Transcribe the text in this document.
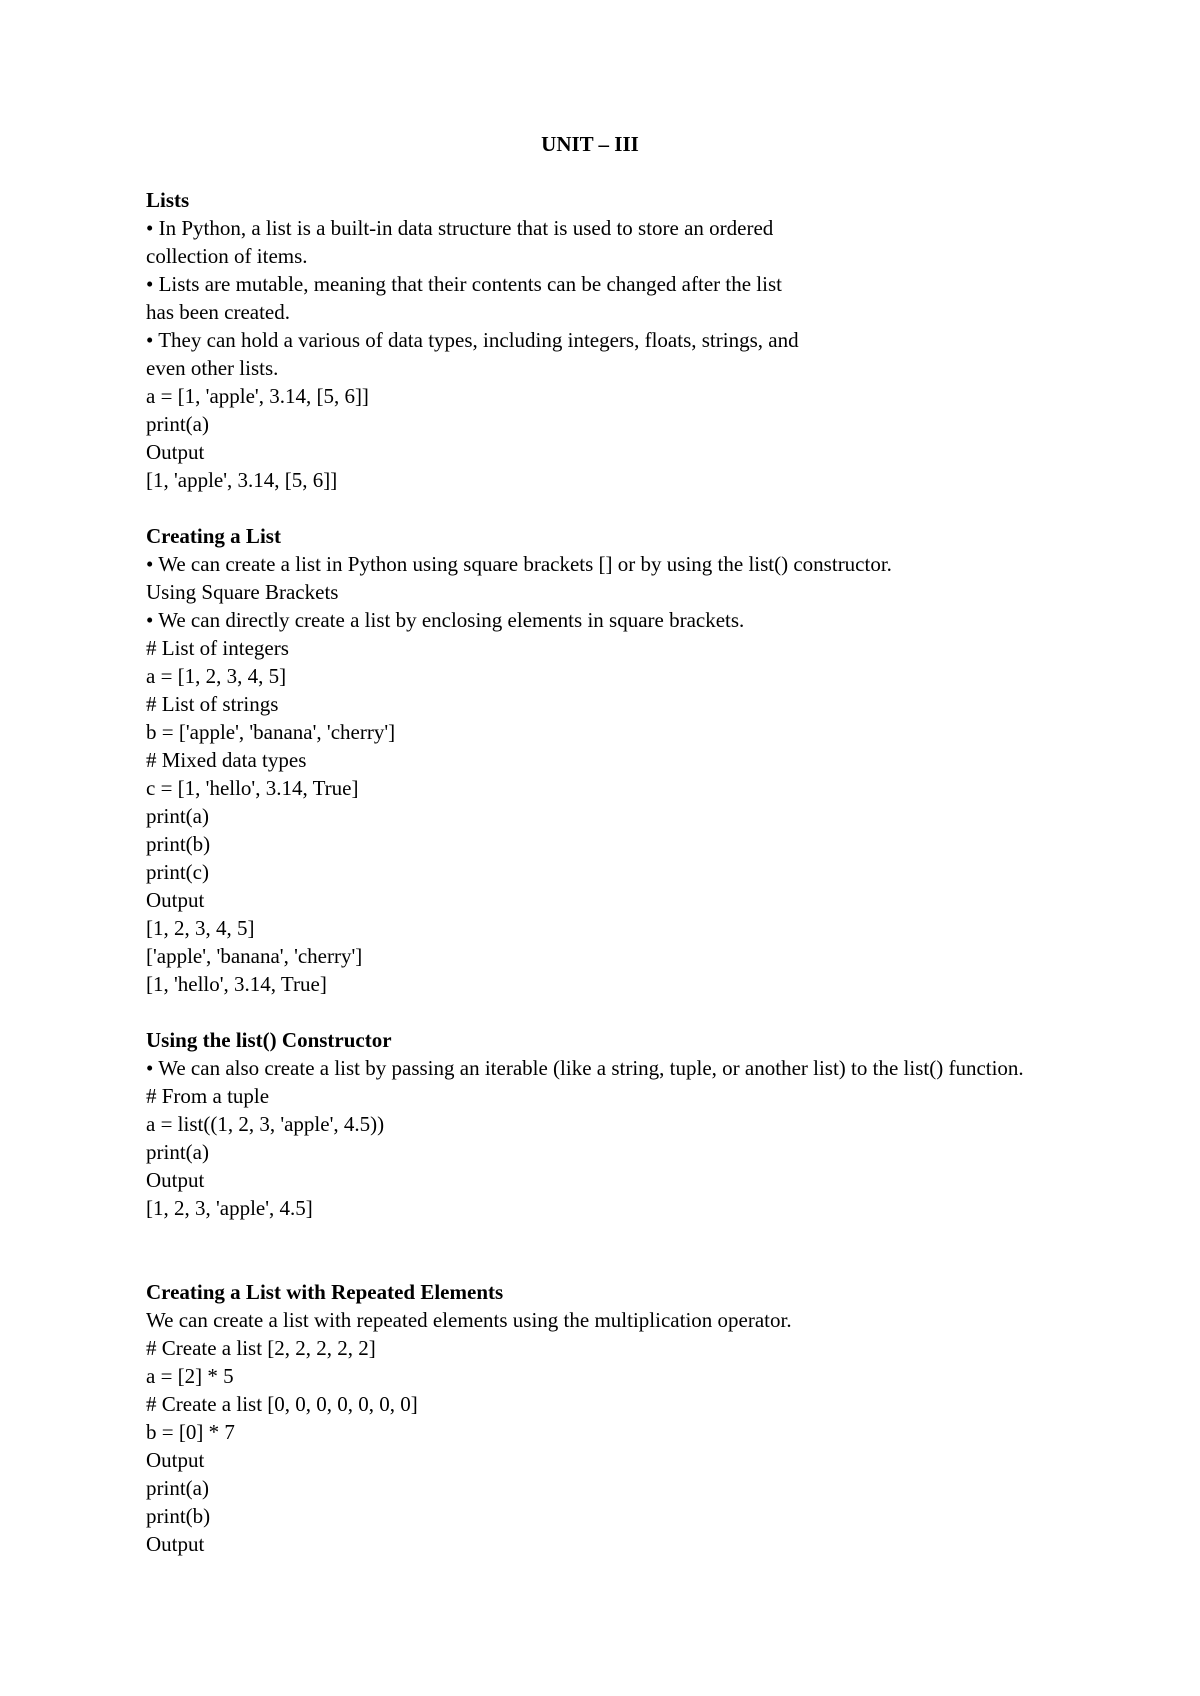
UNIT – III
Lists
• In Python, a list is a built-in data structure that is used to store an ordered
collection of items.
• Lists are mutable, meaning that their contents can be changed after the list
has been created.
• They can hold a various of data types, including integers, floats, strings, and
even other lists.
a = [1, 'apple', 3.14, [5, 6]]
print(a)
Output
[1, 'apple', 3.14, [5, 6]]
Creating a List
• We can create a list in Python using square brackets [] or by using the list() constructor.
Using Square Brackets
• We can directly create a list by enclosing elements in square brackets.
# List of integers
a = [1, 2, 3, 4, 5]
# List of strings
b = ['apple', 'banana', 'cherry']
# Mixed data types
c = [1, 'hello', 3.14, True]
print(a)
print(b)
print(c)
Output
[1, 2, 3, 4, 5]
['apple', 'banana', 'cherry']
[1, 'hello', 3.14, True]
Using the list() Constructor
• We can also create a list by passing an iterable (like a string, tuple, or another list) to the list() function.
# From a tuple
a = list((1, 2, 3, 'apple', 4.5))
print(a)
Output
[1, 2, 3, 'apple', 4.5]
Creating a List with Repeated Elements
We can create a list with repeated elements using the multiplication operator.
# Create a list [2, 2, 2, 2, 2]
a = [2] * 5
# Create a list [0, 0, 0, 0, 0, 0, 0]
b = [0] * 7
Output
print(a)
print(b)
Output
